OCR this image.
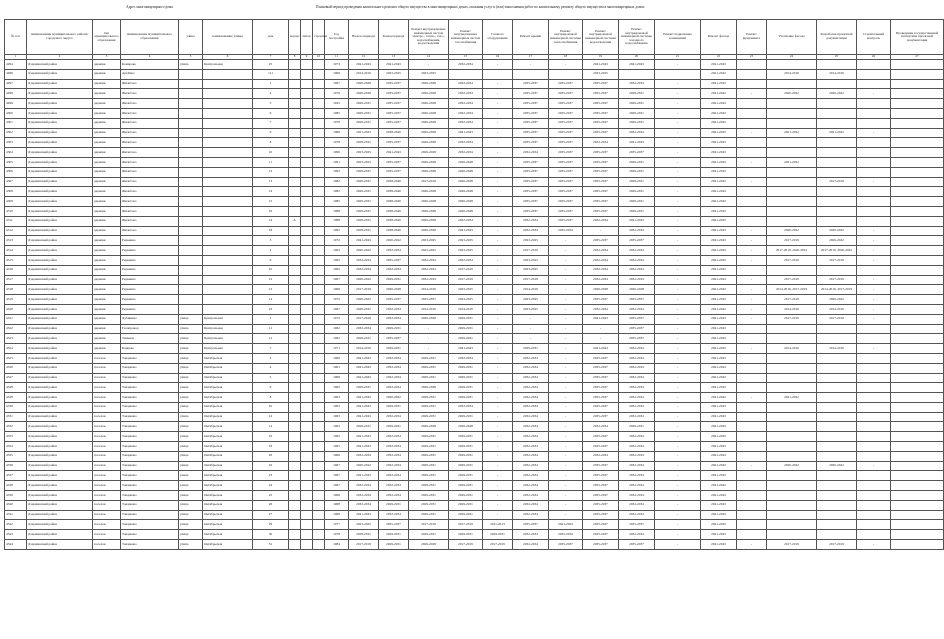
Адрес многоквартирного дома	Плановый период проведения капитального ремонта общего имущества в многоквартирных домах, оказания услуг и (или) выполнения работ по капитальному ремонту общего имущества в многоквартирных домах
№ п/п	наименование муниципального района/городского округа	тип муниципального образования	наименование муниципального образования	улица	наименование улицы	дом	корпус	литер	строение	Год постройки	Начало периода	Конец периода	Ремонт внутридомовых инженерных систем электро-, тепло-, газо-, водоснабжения, водоотведения	Ремонт внутридомовых инженерных систем газоснабжения	Газового оборудования	Ремонт крыши	Ремонт внутридомовой инженерной системы теплоснабжения	Ремонт внутридомовой инженерной системы водоотведения	Ремонт внутридомовой инженерной системы холодного водоснабжения	Ремонт подвальных помещений	Ремонт фасада	Ремонт фундамента	Утепление фасада	Разработка проектной документации	Строительный контроль	Проведение государственной экспертизы проектной документации
1	2	3	4	5	6	7	8	9	10	11	12	13	14	15	16	17	18	19	20	21	22	23	24	25	26	27
4294	Дзержинский район	деревня	Комарово	улица	Центральная	25				1973	2041-2043	2041-2043	-	2032-2034	-	-	-	2041-2043	2041-2043	-	2041-2043					
4296	Дзержинский район	деревня	Артёмко			111				1969	2014-2016	2023-2025	2023-2025					2023-2025			2041-2043		2014-2016	2014-2016		
4297	Дзержинский район	деревня	Жилетово			1				1967	2026-2028	2035-2037	2026-2028	2032-2034	-	2035-2037	2035-2037	2035-2037	2032-2034	-	2041-2043					
4298	Дзержинский район	деревня	Жилетово			4				1976	2026-2028	2035-2037	2026-2028	2032-2034	-	2035-2037	2035-2037	2035-2037	2029-2031	-	2041-2043	-	2020-2022	2020-2022	-	
4299	Дзержинский район	деревня	Жилетово			5				1943	2029-2031	2035-2037	2026-2028	2032-2034	-	2035-2037	2035-2037	2035-2037	2029-2031	-	2041-2043					
4300	Дзержинский район	деревня	Жилетово			6				1985	2029-2031	2035-2037	2026-2028	2032-2034	-	2035-2037	2035-2037	2035-2037	2029-2031	-	2041-2043					
4301	Дзержинский район	деревня	Жилетово			7				1976	2029-2031	2035-2037	2026-2028	2032-2034	-	2035-2037	2035-2037	2035-2037	2029-2031	-	2041-2043					
4302	Дзержинский район	деревня	Жилетово			9				1986	2021-2023	2038-2040	2026-2028	2041-2043	-	2035-2037	2035-2037	2035-2037	2032-2034	-	2041-2043	-	2021-2022	2021-2022	-	
4303	Дзержинский район	деревня	Жилетово			8				1978	2029-2031	2035-2037	2026-2028	2032-2034	-	2035-2037	2035-2037	2032-2034	2041-2043	-	2041-2043					
4304	Дзержинский район	деревня	Жилетово			10				1996	2023-2025	2041-2043	2026-2028	2032-2034	-	2032-2034	2035-2037	2035-2037	2035-2037	-	2041-2043					
4305	Дзержинский район	деревня	Жилетово			11				1991	2023-2025	2035-2037	2026-2028	2026-2028	-	2035-2037	2035-2037	2035-2037	2029-2031	-	2041-2043	-	2021-2022			
4306	Дзержинский район	деревня	Жилетово			12				1992	2029-2031	2035-2037	2026-2028	2026-2028	-	2035-2037	2035-2037	2035-2037	2029-2031	-	2041-2043					
4307	Дзержинский район	деревня	Жилетово			13				1982	2029-2031	2038-2040	2017-2019	2026-2028	-	2035-2037	2035-2037	2035-2037	2029-2031	-	2041-2043	-		2017-2019	-	
4308	Дзержинский район	деревня	Жилетово			14				1982	2029-2031	2038-2040	2026-2028	2026-2028	-	2035-2037	2035-2037	2035-2037	2029-2031	-	2041-2043					
4309	Дзержинский район	деревня	Жилетово			15				1985	2029-2031	2038-2040	2026-2028	2026-2028	-	2035-2037	2035-2037	2035-2037	2029-2031	-	2041-2043					
4310	Дзержинский район	деревня	Жилетово			16				1988	2029-2031	2038-2040	2026-2028	2026-2028	-	2035-2037	2035-2037	2035-2037	2029-2031	-	2041-2043					
4311	Дзержинский район	деревня	Жилетово			14	А			1988	2029-2031	2038-2040	2026-2028	2032-2034	-	2032-2034	2035-2037	2032-2034	2041-2043	-	2041-2043					
4312	Дзержинский район	деревня	Жилетово			18				1992	2029-2031	2038-2040	2026-2028	2041-2043	-	2032-2034	2032-2034	-	2032-2034	-	2041-2043	-	2020-2022	2020-2022	-	
4313	Дзержинский район	деревня	Редькино			3				1972	2041-2043	2020-2022	2023-2025	2023-2025	-	2023-2025	-	2035-2037	2035-2037	-	2041-2043	-	2017-2019	2020-2022	-	
4314	Дзержинский район	деревня	Редькино			4				1963	2020-2022	2032-2034	2023-2025	2023-2025	-	2017-2019	-	2032-2034	2032-2034	-	2041-2043	-	2017-2019, 2020-2022	2017-2019, 2020-2022	-	
4315	Дзержинский район	деревня	Редькино			9				1965	2032-2034	2035-2037	2032-2034	2032-2034	-	2023-2025	-	2032-2034	2032-2034	-	2041-2043	-	2017-2019	2017-2019	-	
4316	Дзержинский район	деревня	Редькино			10				1965	2032-2034	2032-2034	2032-2034	2017-2019	-	2023-2025	-	2032-2034	2032-2034	-	2041-2043					
4317	Дзержинский район	деревня	Редькино			12				1967	2020-2022	2029-2031	2032-2034	2017-2019	-	2017-2019	-	2032-2034	2032-2034	-	2041-2043	-	2017-2019	2017-2019	-	
4318	Дзержинский район	деревня	Редькино			13				1966	2017-2019	2026-2028	2014-2016	2023-2025	-	2014-2016	-	2026-2028	2026-2028	-	2041-2043	-	2014-2016, 2017-2019	2014-2016, 2017-2019	-	
4319	Дзержинский район	деревня	Редькино			14				1972	2020-2022	2035-2037	2035-2037	2023-2025	-	2023-2025	-	2035-2037	2035-2037	-	2041-2043	-	2017-2019	2020-2022	-	
4320	Дзержинский район	деревня	Редькино			23				1967	2029-2031	2032-2034	2014-2016	2014-2016	-	2023-2025	-	2032-2034	2032-2034	-	2041-2043	-	2014-2016	2014-2016	-	
4321	Дзержинский район	деревня	Дубинино	улица	Центральная	1				1972	2017-2019	2032-2034	2026-2028	2029-2031	-	-	-	2041-2043	2035-2037	-	2041-2043	-	2017-2019	2017-2019	-	
4322	Дзержинский район	деревня	Газопровод	улица	Центральная	11				1962	2032-2034	2029-2031	-	2029-2031	-	-	-	-	2035-2037	-	2041-2043					
4323	Дзержинский район	деревня	Тиньков	улица	Центральная	12				1962	2029-2031	2035-2037	-	2029-2031	-	-	-	-	2035-2037	-	2041-2043					
4324	Дзержинский район	деревня	Карцево	улица	Центральная	7				1971	2014-2016	2029-2031	-	2041-2043	-	2029-2031	-	2041-2043	2032-2034	-	2041-2043	-	2014-2016	2014-2016	-	
4325	Дзержинский район	поселок	Товарково	улица	Октябрьская	3				1969	2041-2043	2032-2034	2029-2031	2032-2034	-	2032-2034	-	2035-2037	2032-2034	-	2041-2043					
4326	Дзержинский район	поселок	Товарково	улица	Октябрьская	4				1961	2041-2043	2032-2034	2029-2031	2029-2031	-	2032-2034	-	2035-2037	2032-2034	-	2041-2043					
4327	Дзержинский район	поселок	Товарково	улица	Октябрьская	5				1969	2041-2043	2032-2034	2029-2031	2029-2031	-	2032-2034	-	2035-2037	2032-2034	-	2041-2043					
4328	Дзержинский район	поселок	Товарково	улица	Октябрьская	6				1962	2029-2031	2032-2034	2026-2028	2029-2031	-	2032-2034	-	2035-2037	2032-2034	-	2041-2043					
4329	Дзержинский район	поселок	Товарково	улица	Октябрьская	8				1963	2041-2043	2020-2022	2029-2031	2029-2031	-	2032-2034	-	2035-2037	2032-2034	-	2041-2043	-	2021-2022			
4330	Дзержинский район	поселок	Товарково	улица	Октябрьская	10				1963	2041-2043	2029-2031	2029-2031	2032-2034	-	2032-2034	-	2035-2037	2032-2034	-	2041-2043					
4331	Дзержинский район	поселок	Товарково	улица	Октябрьская	12				1963	2041-2043	2032-2034	2029-2031	2029-2031	-	2032-2034	-	2035-2037	2032-2034	-	2041-2043					
4332	Дзержинский район	поселок	Товарково	улица	Октябрьская	14				1963	2029-2031	2029-2031	2026-2028	2026-2028	-	2032-2034	-	2032-2034	2029-2031	-	2041-2043					
4333	Дзержинский район	поселок	Товарково	улица	Октябрьская	16				1965	2041-2043	2032-2034	2029-2031	2029-2031	-	2032-2034	-	2035-2037	2032-2034	-	2041-2043					
4334	Дзержинский район	поселок	Товарково	улица	Октябрьская	18				1965	2041-2043	2032-2034	2029-2031	2029-2031	-	2032-2034	-	2035-2037	2032-2034	-	2041-2043					
4335	Дзержинский район	поселок	Товарково	улица	Октябрьская	20				1966	2032-2034	2032-2034	2029-2031	2029-2031	-	2032-2034	-	2032-2034	2032-2034	-	2041-2043					
4336	Дзержинский район	поселок	Товарково	улица	Октябрьская	22				1967	2020-2022	2032-2034	2029-2031	2029-2031	-	2032-2034	-	2035-2037	2032-2034	-	2041-2043	-	2020-2022	2020-2022	-	
4337	Дзержинский район	поселок	Товарково	улица	Октябрьская	23				1967	2041-2043	2032-2034	2029-2031	2029-2031	-	2032-2034	-	2035-2037	2032-2034	-	2041-2043					
4338	Дзержинский район	поселок	Товарково	улица	Октябрьская	24				1967	2032-2034	2032-2034	2029-2031	2029-2031	-	2032-2034	-	2035-2037	2032-2034	-	2041-2043					
4339	Дзержинский район	поселок	Товарково	улица	Октябрьская	25				1968	2032-2034	2032-2034	2029-2031	2029-2031	-	2032-2034	-	2035-2037	2032-2034	-	2041-2043					
4340	Дзержинский район	поселок	Товарково	улица	Октябрьская	26				1968	2032-2034	2029-2031	2029-2031	2029-2031	-	2032-2034	-	2035-2037	2032-2034	-	2041-2043					
4341	Дзержинский район	поселок	Товарково	улица	Октябрьская	27				1968	2041-2043	2032-2034	2029-2031	2029-2031	-	2032-2034	-	2035-2037	2032-2034	-	2041-2043					
4342	Дзержинский район	поселок	Товарково	улица	Октябрьская	29				1977	2023-2025	2035-2037	2017-2019	2017-2019	2011-2013	2035-2037	2041-2043	2035-2037	2035-2037	-	2041-2043					
4343	Дзержинский район	поселок	Товарково	улица	Октябрьская	30				1978	2029-2031	2029-2031	2029-2031	2029-2031	2029-2031	2032-2034	2032-2034	2035-2037	2032-2034	-	2041-2043					
4344	Дзержинский район	поселок	Товарково	улица	Октябрьская	31				1984	2017-2019	2029-2031	2026-2028	2017-2019	2017-2019	2032-2034	2035-2037	2035-2037	2035-2037	-	2041-2043	-	2017-2019	2017-2019	-	
